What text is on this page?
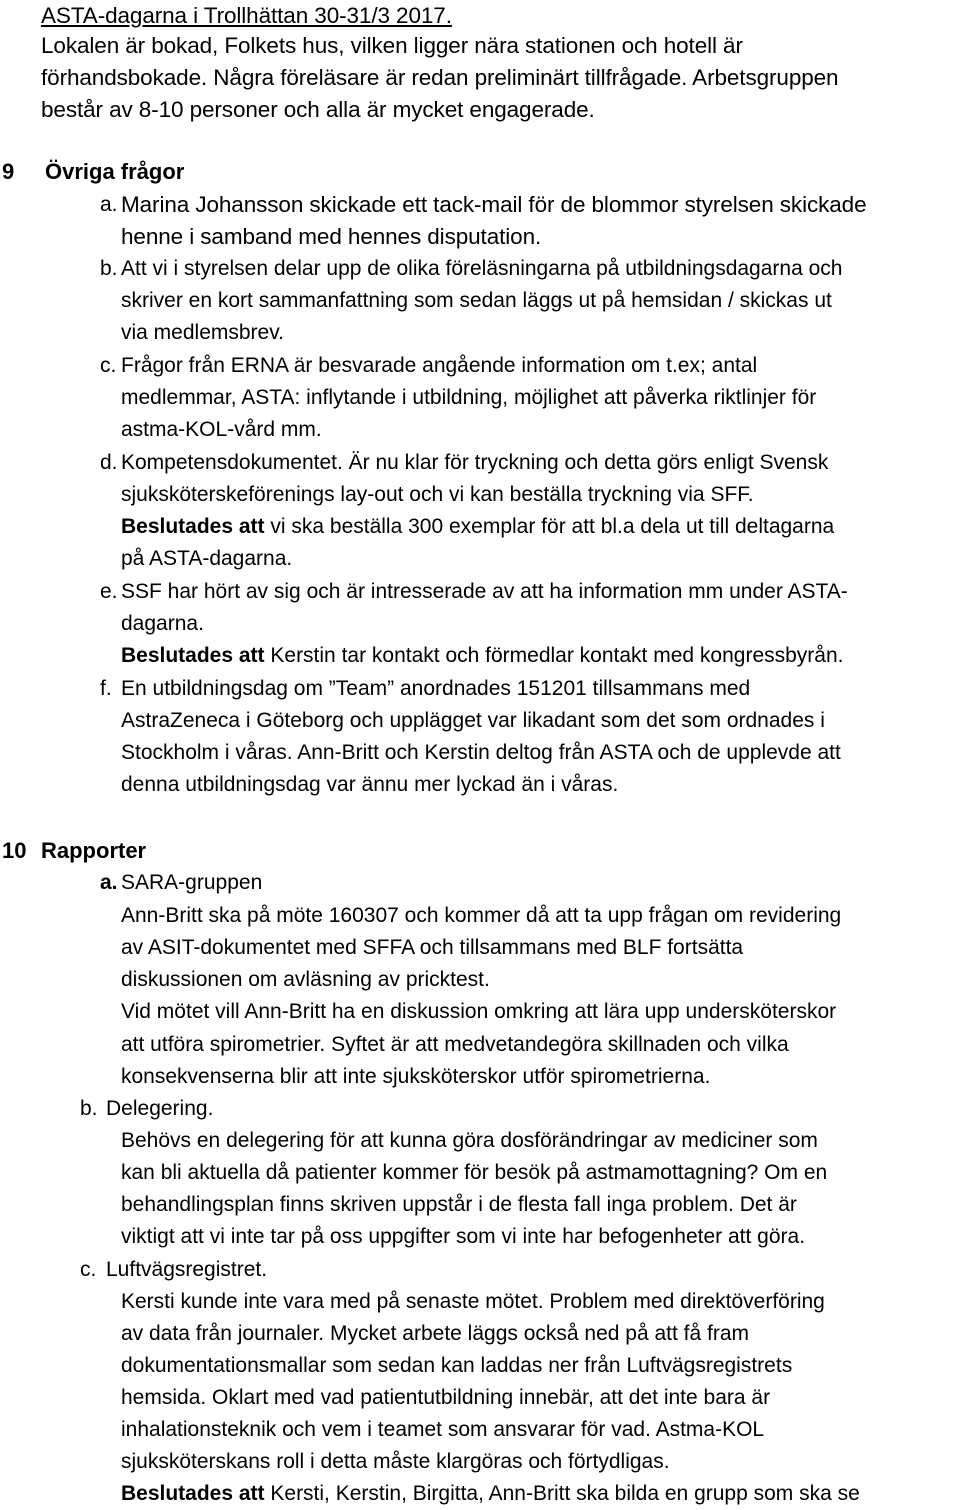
ASTA-dagarna i Trollhättan 30-31/3 2017.
Lokalen är bokad, Folkets hus, vilken ligger nära stationen och hotell är
förhandsbokade. Några föreläsare är redan preliminärt tillfrågade. Arbetsgruppen
består av 8-10 personer och alla är mycket engagerade.
9 Övriga frågor
a. Marina Johansson skickade ett tack-mail för de blommor styrelsen skickade
henne i samband med hennes disputation.
b. Att vi i styrelsen delar upp de olika föreläsningarna på utbildningsdagarna och
skriver en kort sammanfattning som sedan läggs ut på hemsidan / skickas ut
via medlemsbrev.
c. Frågor från ERNA är besvarade angående information om t.ex; antal
medlemmar, ASTA: inflytande i utbildning, möjlighet att påverka riktlinjer för
astma-KOL-vård mm.
d. Kompetensdokumentet. Är nu klar för tryckning och detta görs enligt Svensk
sjuksköterskeförenings lay-out och vi kan beställa tryckning via SFF.
Beslutades att vi ska beställa 300 exemplar för att bl.a dela ut till deltagarna
på ASTA-dagarna.
e. SSF har hört av sig och är intresserade av att ha information mm under ASTA-
dagarna.
Beslutades att Kerstin tar kontakt och förmedlar kontakt med kongressbyrån.
f. En utbildningsdag om ”Team” anordnades 151201 tillsammans med
AstraZeneca i Göteborg och upplägget var likadant som det som ordnades i
Stockholm i våras. Ann-Britt och Kerstin deltog från ASTA och de upplevde att
denna utbildningsdag var ännu mer lyckad än i våras.
10 Rapporter
a. SARA-gruppen
Ann-Britt ska på möte 160307 och kommer då att ta upp frågan om revidering
av ASIT-dokumentet med SFFA och tillsammans med BLF fortsätta
diskussionen om avläsning av pricktest.
Vid mötet vill Ann-Britt ha en diskussion omkring att lära upp undersköterskor
att utföra spirometrier. Syftet är att medvetandegöra skillnaden och vilka
konsekvenserna blir att inte sjuksköterskor utför spirometrierna.
b. Delegering.
Behövs en delegering för att kunna göra dosförändringar av mediciner som
kan bli aktuella då patienter kommer för besök på astmamottagning? Om en
behandlingsplan finns skriven uppstår i de flesta fall inga problem. Det är
viktigt att vi inte tar på oss uppgifter som vi inte har befogenheter att göra.
c. Luftvägsregistret.
Kersti kunde inte vara med på senaste mötet. Problem med direktöverföring
av data från journaler. Mycket arbete läggs också ned på att få fram
dokumentationsmallar som sedan kan laddas ner från Luftvägsregistrets
hemsida. Oklart med vad patientutbildning innebär, att det inte bara är
inhalationsteknik och vem i teamet som ansvarar för vad. Astma-KOL
sjuksköterskans roll i detta måste klargöras och förtydligas.
Beslutades att Kersti, Kerstin, Birgitta, Ann-Britt ska bilda en grupp som ska se
